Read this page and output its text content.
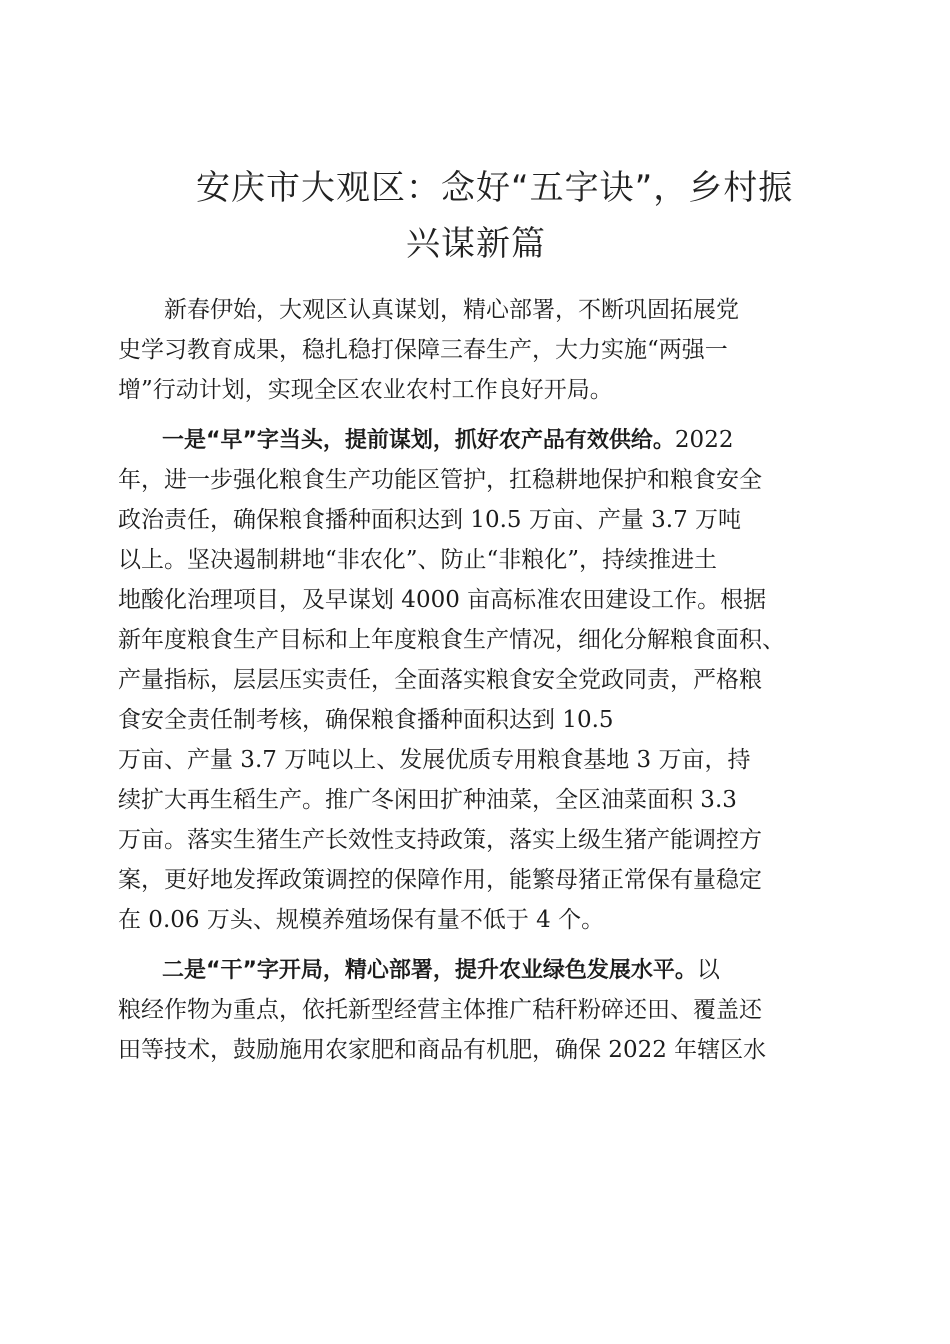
安庆市大观区：念好“五字诀”，乡村振
兴谋新篇
　　新春伊始，大观区认真谋划，精心部署，不断巩固拓展党
史学习教育成果，稳扎稳打保障三春生产，大力实施“两强一
增”行动计划，实现全区农业农村工作良好开局。
　　一是“早”字当头，提前谋划，抓好农产品有效供给。2022
年，进一步强化粮食生产功能区管护，扛稳耕地保护和粮食安全
政治责任，确保粮食播种面积达到 10.5 万亩、产量 3.7 万吨
以上。坚决遏制耕地“非农化”、防止“非粮化”，持续推进土
地酸化治理项目，及早谋划 4000 亩高标准农田建设工作。根据
新年度粮食生产目标和上年度粮食生产情况，细化分解粮食面积、
产量指标，层层压实责任，全面落实粮食安全党政同责，严格粮
食安全责任制考核，确保粮食播种面积达到 10.5
万亩、产量 3.7 万吨以上、发展优质专用粮食基地 3 万亩，持
续扩大再生稻生产。推广冬闲田扩种油菜，全区油菜面积 3.3
万亩。落实生猪生产长效性支持政策，落实上级生猪产能调控方
案，更好地发挥政策调控的保障作用，能繁母猪正常保有量稳定
在 0.06 万头、规模养殖场保有量不低于 4 个。
　　二是“干”字开局，精心部署，提升农业绿色发展水平。以
粮经作物为重点，依托新型经营主体推广秸秆粉碎还田、覆盖还
田等技术，鼓励施用农家肥和商品有机肥，确保 2022 年辖区水
